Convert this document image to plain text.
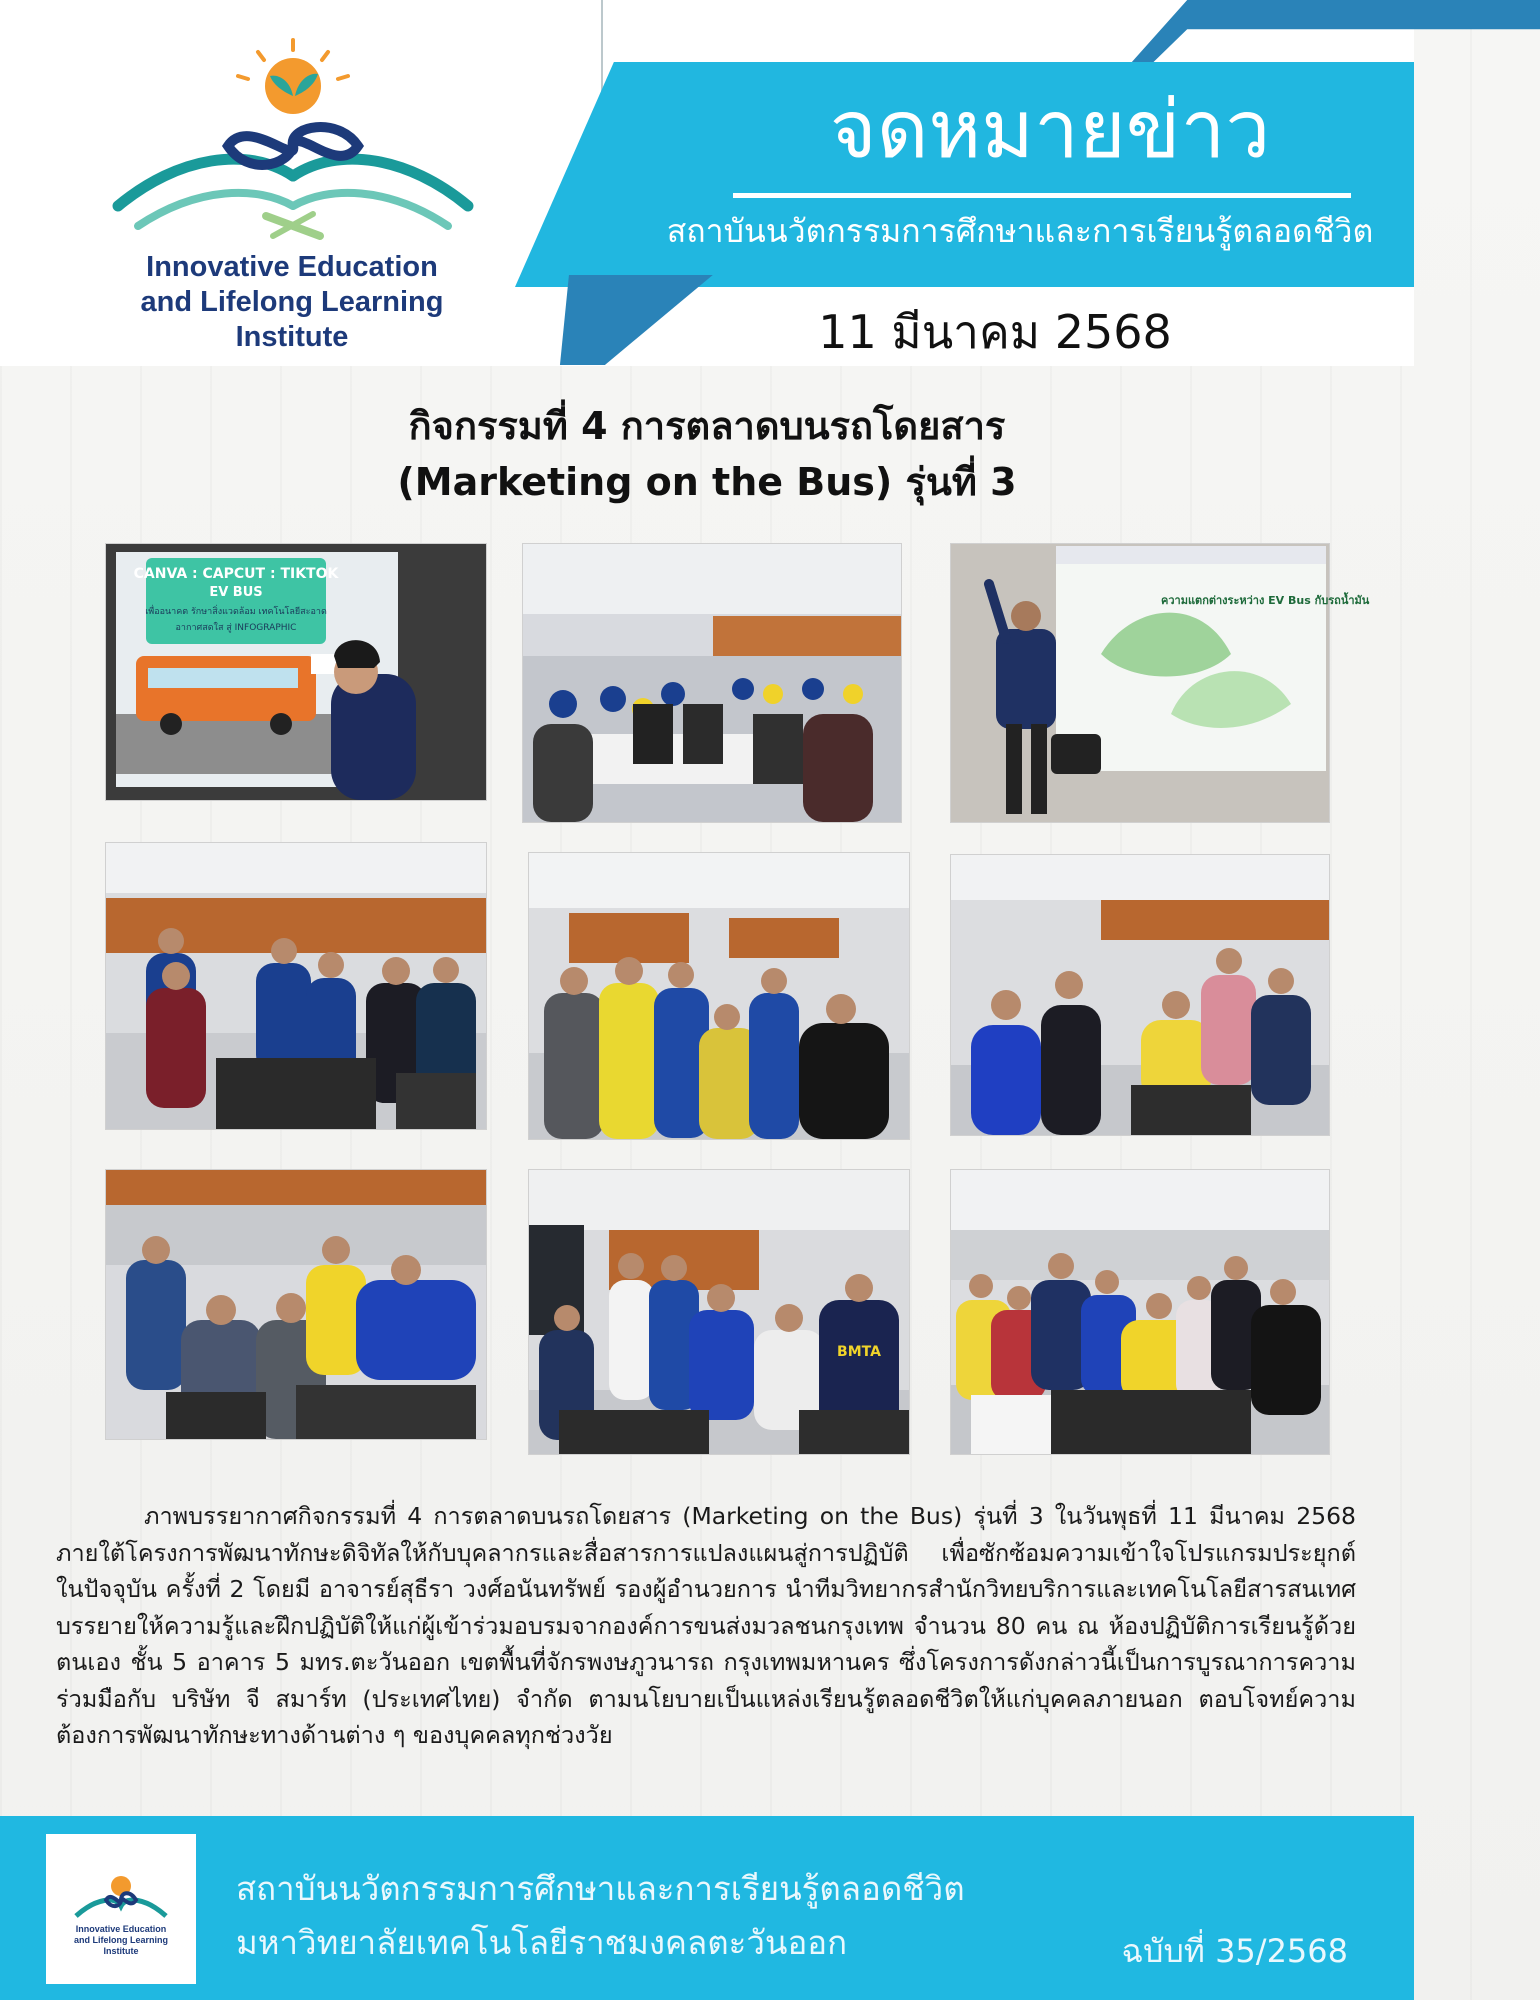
จดหมายข่าว
สถาบันนวัตกรรมการศึกษาและการเรียนรู้ตลอดชีวิต
11 มีนาคม 2568
Innovative Education
and Lifelong Learning
Institute
กิจกรรมที่ 4 การตลาดบนรถโดยสาร
(Marketing on the Bus) รุ่นที่ 3
CANVA : CAPCUT : TIKTOK
EV BUS
เพื่ออนาคต รักษาสิ่งแวดล้อม เทคโนโลยีสะอาด
อากาศสดใส สู่ INFOGRAPHIC
ความแตกต่างระหว่าง EV Bus กับรถน้ำมัน
BMTA

ภาพบรรยากาศกิจกรรมที่ 4 การตลาดบนรถโดยสาร (Marketing on the Bus) รุ่นที่ 3 ในวันพุธที่ 11 มีนาคม 2568 ภายใต้โครงการพัฒนาทักษะดิจิทัลให้กับบุคลากรและสื่อสารการแปลงแผนสู่การปฏิบัติ เพื่อซักซ้อมความเข้าใจโปรแกรมประยุกต์ในปัจจุบัน ครั้งที่ 2 โดยมี อาจารย์สุธีรา วงศ์อนันทรัพย์ รองผู้อำนวยการ นำทีมวิทยากรสำนักวิทยบริการและเทคโนโลยีสารสนเทศบรรยายให้ความรู้และฝึกปฏิบัติให้แก่ผู้เข้าร่วมอบรมจากองค์การขนส่งมวลชนกรุงเทพ จำนวน 80 คน ณ ห้องปฏิบัติการเรียนรู้ด้วยตนเอง ชั้น 5 อาคาร 5 มทร.ตะวันออก เขตพื้นที่จักรพงษภูวนารถ กรุงเทพมหานคร ซึ่งโครงการดังกล่าวนี้เป็นการบูรณาการความร่วมมือกับ บริษัท จี สมาร์ท (ประเทศไทย) จำกัด ตามนโยบายเป็นแหล่งเรียนรู้ตลอดชีวิตให้แก่บุคคลภายนอก ตอบโจทย์ความต้องการพัฒนาทักษะทางด้านต่าง ๆ ของบุคคลทุกช่วงวัย

Innovative Education
and Lifelong Learning
Institute
สถาบันนวัตกรรมการศึกษาและการเรียนรู้ตลอดชีวิต
มหาวิทยาลัยเทคโนโลยีราชมงคลตะวันออก	ฉบับที่ 35/2568
